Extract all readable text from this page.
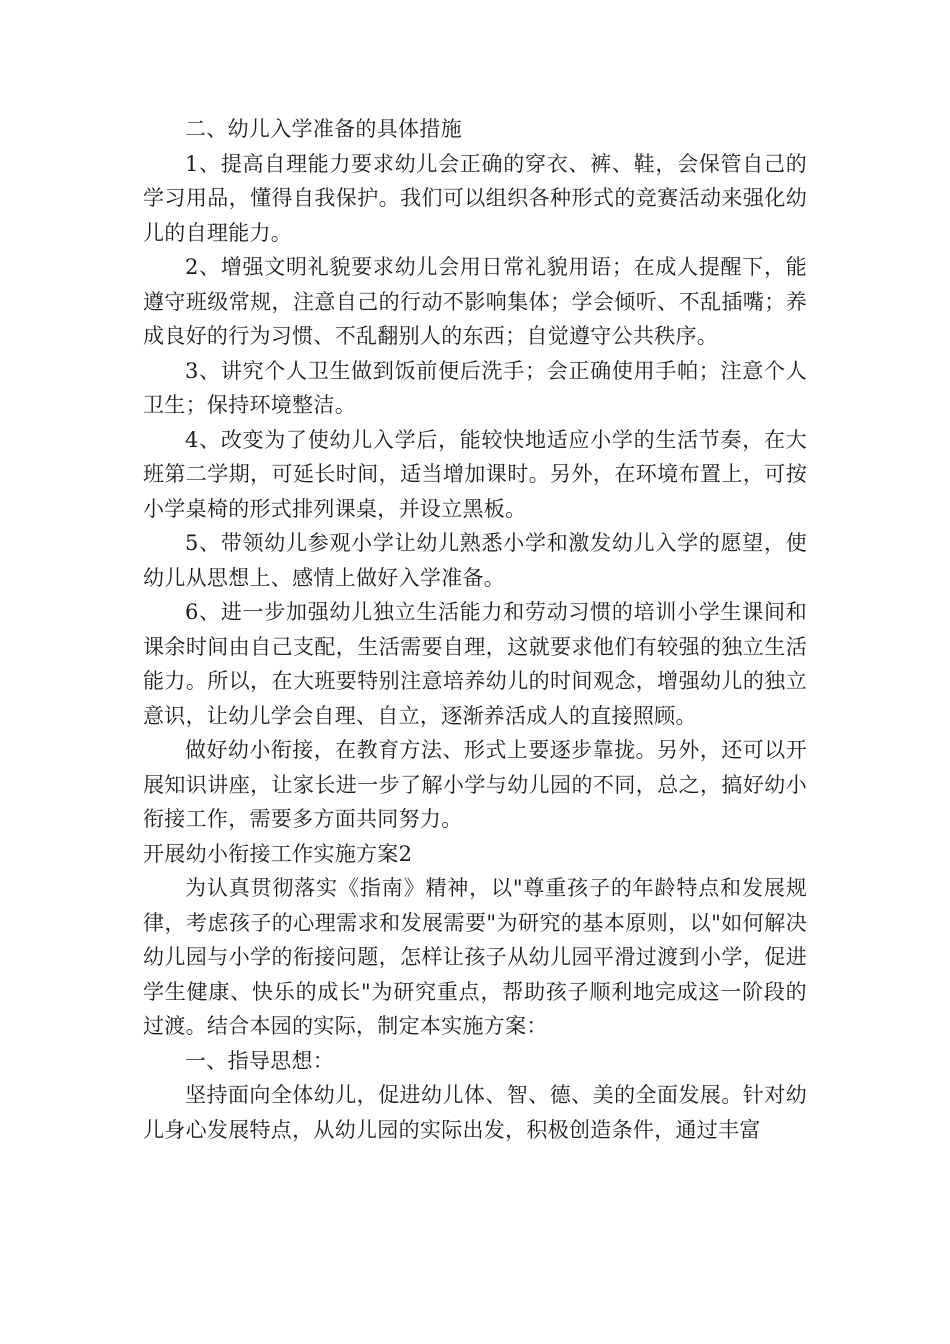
二、幼儿入学准备的具体措施

1、提高自理能力要求幼儿会正确的穿衣、裤、鞋，会保管自己的学习用品，懂得自我保护。我们可以组织各种形式的竞赛活动来强化幼儿的自理能力。

2、增强文明礼貌要求幼儿会用日常礼貌用语；在成人提醒下，能遵守班级常规，注意自己的行动不影响集体；学会倾听、不乱插嘴；养成良好的行为习惯、不乱翻别人的东西；自觉遵守公共秩序。

3、讲究个人卫生做到饭前便后洗手；会正确使用手帕；注意个人卫生；保持环境整洁。

4、改变为了使幼儿入学后，能较快地适应小学的生活节奏，在大班第二学期，可延长时间，适当增加课时。另外，在环境布置上，可按小学桌椅的形式排列课桌，并设立黑板。

5、带领幼儿参观小学让幼儿熟悉小学和激发幼儿入学的愿望，使幼儿从思想上、感情上做好入学准备。

6、进一步加强幼儿独立生活能力和劳动习惯的培训小学生课间和课余时间由自己支配，生活需要自理，这就要求他们有较强的独立生活能力。所以，在大班要特别注意培养幼儿的时间观念，增强幼儿的独立意识，让幼儿学会自理、自立，逐渐养活成人的直接照顾。

做好幼小衔接，在教育方法、形式上要逐步靠拢。另外，还可以开展知识讲座，让家长进一步了解小学与幼儿园的不同，总之，搞好幼小衔接工作，需要多方面共同努力。

开展幼小衔接工作实施方案2

为认真贯彻落实《指南》精神，以"尊重孩子的年龄特点和发展规律，考虑孩子的心理需求和发展需要"为研究的基本原则，以"如何解决幼儿园与小学的衔接问题，怎样让孩子从幼儿园平滑过渡到小学，促进学生健康、快乐的成长"为研究重点，帮助孩子顺利地完成这一阶段的过渡。结合本园的实际，制定本实施方案：

一、指导思想：

坚持面向全体幼儿，促进幼儿体、智、德、美的全面发展。针对幼儿身心发展特点，从幼儿园的实际出发，积极创造条件，通过丰富
